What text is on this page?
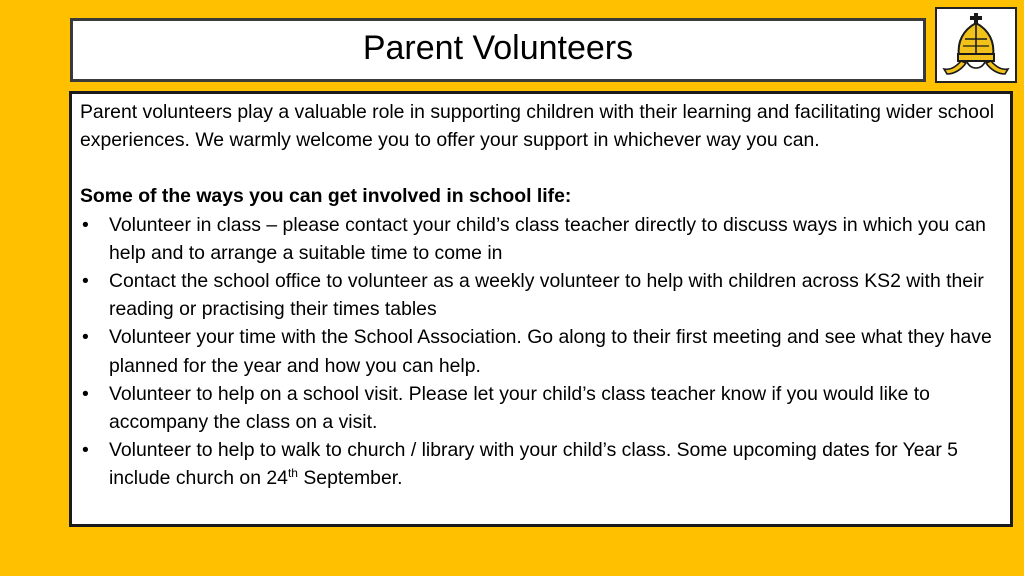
Parent Volunteers

Parent volunteers play a valuable role in supporting children with their learning and facilitating wider school experiences. We warmly welcome you to offer your support in whichever way you can.

Some of the ways you can get involved in school life:

• Volunteer in class – please contact your child’s class teacher directly to discuss ways in which you can help and to arrange a suitable time to come in
• Contact the school office to volunteer as a weekly volunteer to help with children across KS2 with their reading or practising their times tables
• Volunteer your time with the School Association. Go along to their first meeting and see what they have planned for the year and how you can help.
• Volunteer to help on a school visit. Please let your child’s class teacher know if you would like to accompany the class on a visit.
• Volunteer to help to walk to church / library with your child’s class. Some upcoming dates for Year 5 include church on 24th September.
